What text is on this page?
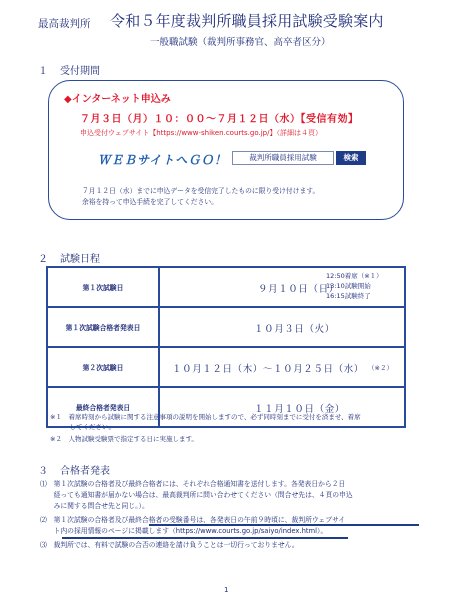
最高裁判所 令和５年度裁判所職員採用試験受験案内
一般職試験（裁判所事務官、高卒者区分）
１ 受付期間
◆インターネット申込み
７月３日（月）１０：００～７月１２日（水）【受信有効】
申込受付ウェブサイト【https://www-shiken.courts.go.jp/】（詳細は４頁）
ＷＥＢサイトへＧＯ！	裁判所職員採用試験	検索
７月１２日（水）までに申込データを受信完了したものに限り受け付けます。
余裕を持って申込手続を完了してください。
２ 試験日程
第１次試験日	９月１０日（日）
12:50着席（※１）
13:10試験開始
16:15試験終了

第１次試験合格者発表日	１０月３日（火）

第２次試験日	１０月１２日（木）～１０月２５日（水） （※２）

最終合格者発表日	１１月１０日（金）
※１　着席時刻から試験に関する注意事項の説明を開始しますので、必ず同時刻までに受付を済ませ、着席
　　　してください。
※２　人物試験受験票で指定する日に実施します。
３ 合格者発表
⑴　第１次試験の合格者及び最終合格者には、それぞれ合格通知書を送付します。各発表日から２日
　　経っても通知書が届かない場合は、最高裁判所に問い合わせてください（問合せ先は、４頁の申込
　　みに関する問合せ先と同じ。）。
⑵　第１次試験の合格者及び最終合格者の受験番号は、各発表日の午前９時頃に、裁判所ウェブサイ
　　ト内の採用情報のページに掲載します（https://www.courts.go.jp/saiyo/index.html）。
⑶　裁判所では、有料で試験の合否の連絡を請け負うことは一切行っておりません。
1
